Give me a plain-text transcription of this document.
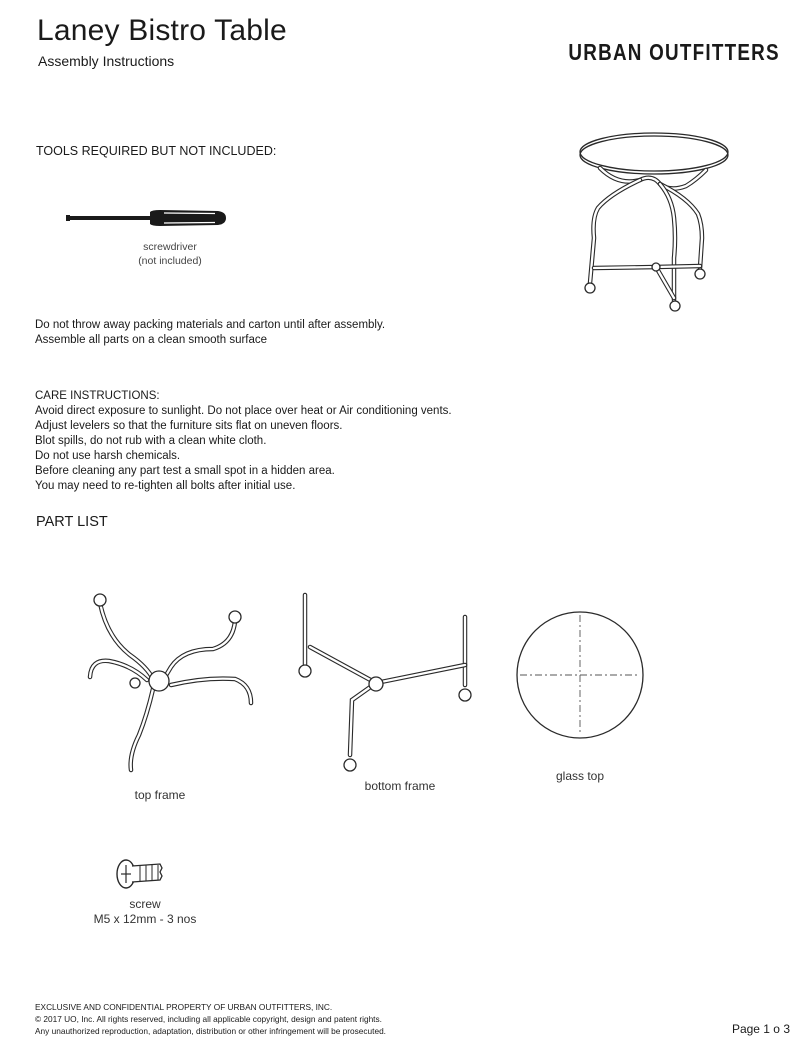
Laney Bistro Table
Assembly Instructions	URBAN OUTFITTERS
TOOLS REQUIRED BUT NOT INCLUDED:
screwdriver
(not included)
Do not throw away packing materials and carton until after assembly.
Assemble all parts on a clean smooth surface
CARE INSTRUCTIONS:
Avoid direct exposure to sunlight. Do not place over heat or Air conditioning vents.
Adjust levelers so that the furniture sits flat on uneven floors.
Blot spills, do not rub with a clean white cloth.
Do not use harsh chemicals.
Before cleaning any part test a small spot in a hidden area.
You may need to re-tighten all bolts after initial use.
PART LIST
top frame
bottom frame
glass top
screw
M5 x 12mm - 3 nos
EXCLUSIVE AND CONFIDENTIAL PROPERTY OF URBAN OUTFITTERS, INC.
© 2017 UO, Inc. All rights reserved, including all applicable copyright, design and patent rights.
Any unauthorized reproduction, adaptation, distribution or other infringement will be prosecuted.	Page 1 o 3
